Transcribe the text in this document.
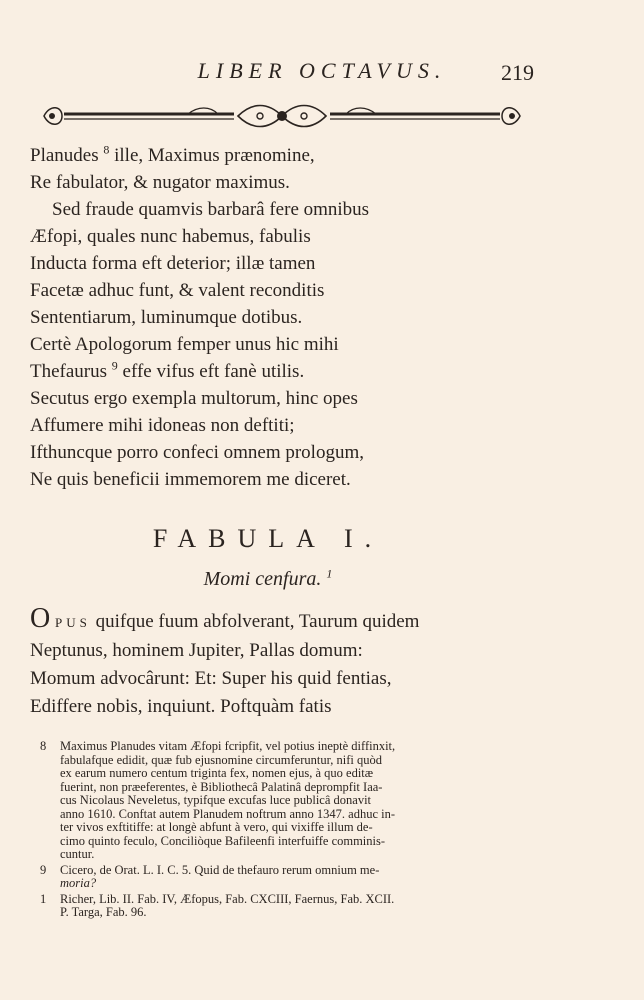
LIBER OCTAVUS.	219
Planudes $^8$ ille, Maximus prænomine,
Re fabulator, & nugator maximus.
Sed fraude quamvis barbarâ fere omnibus
Æfopi, quales nunc habemus, fabulis
Inducta forma eft deterior; illæ tamen
Facetæ adhuc funt, & valent reconditis
Sententiarum, luminumque dotibus.
Certè Apologorum femper unus hic mihi
Thefaurus $^9$ effe vifus eft fanè utilis.
Secutus ergo exempla multorum, hinc opes
Affumere mihi idoneas non deftiti;
Ifthuncque porro confeci omnem prologum,
Ne quis beneficii immemorem me diceret.
FABULA I.
Momi cenfura. $^1$
O PUS quifque fuum abfolverant, Taurum quidem
Neptunus, hominem Jupiter, Pallas domum:
Momum advocârunt: Et: Super his quid fentias,
Ediffere nobis, inquiunt. Poftquàm fatis
8 Maximus Planudes vitam Æfopi fcripfit, vel potius ineptè diffinxit,
fabulafque edidit, quæ fub ejusnomine circumferuntur, nifi quòd
ex earum numero centum triginta fex, nomen ejus, à quo editæ
fuerint, non præeferentes, è Bibliothecâ Palatinâ deprompfit Iaa-
cus Nicolaus Neveletus, typifque excufas luce publicâ donavit
anno 1610. Conftat autem Planudem noftrum anno 1347. adhuc in-
ter vivos exftitiffe: at longè abfunt à vero, qui vixiffe illum de-
cimo quinto feculo, Conciliòque Bafileenfi interfuiffe comminis-
cuntur.
9 Cicero, de Orat. L. I. C. 5. Quid de thefauro rerum omnium me-
moria?
1 Richer, Lib. II. Fab. IV, Æfopus, Fab. CXCIII, Faernus, Fab. XCII.
P. Targa, Fab. 96.
